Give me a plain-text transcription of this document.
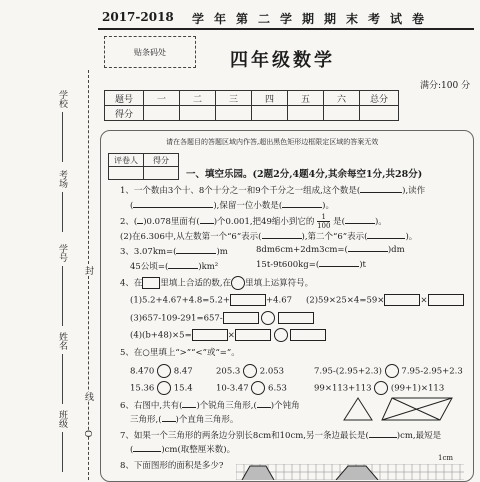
2017-2018 学年第二学期期末考试卷
贴条码处	四年级数学
满分:100 分
题号	一	二	三	四	五	六	总分
得分							
学校
考场
学号
姓名
班级
封
线
O
请在各题目的答题区域内作答,超出黑色矩形边框限定区域的答案无效
评卷人	得分

一、填空乐园。(2题2分,4题4分,其余每空1分,共28分)
1、一个数由3个十、8个十分之一和9个千分之一组成,这个数是(	),读作
(	),保留一位小数是(	)。
2、( )0.078里面有( )个0.001,把49缩小到它的 $\frac{1}{100}$ 是(	)。
(2)在6.306中,从左数第一个“6”表示(	),第二个“6”表示(	)。
3、3.07km=(	)m	8dm6cm+2dm3cm=(	)dm
45公顷=(	)km²	15t-9t600kg=(	)t
4、在 里填上合适的数,在 里填上运算符号。
(1)5.2+4.67+4.8=5.2+	+4.67 (2)59×25×4=59×	×
(3)657-109-291=657-
(4)(b+48)×5=	×
5、在○里填上“>”“<”或“=”。
8.470 8.47	205.3 2.053	7.95-(2.95+2.3) 7.95-2.95+2.3
15.36 15.4	10-3.47 6.53	99×113+113 (99+1)×113
6、右图中,共有( )个锐角三角形,( )个钝角
三角形,( )个直角三角形。
7、如果一个三角形的两条边分别长8cm和10cm,另一条边最长是(	)cm,最短是
(	)cm(取整厘米数)。
8、下面图形的面积是多少?
1cm
